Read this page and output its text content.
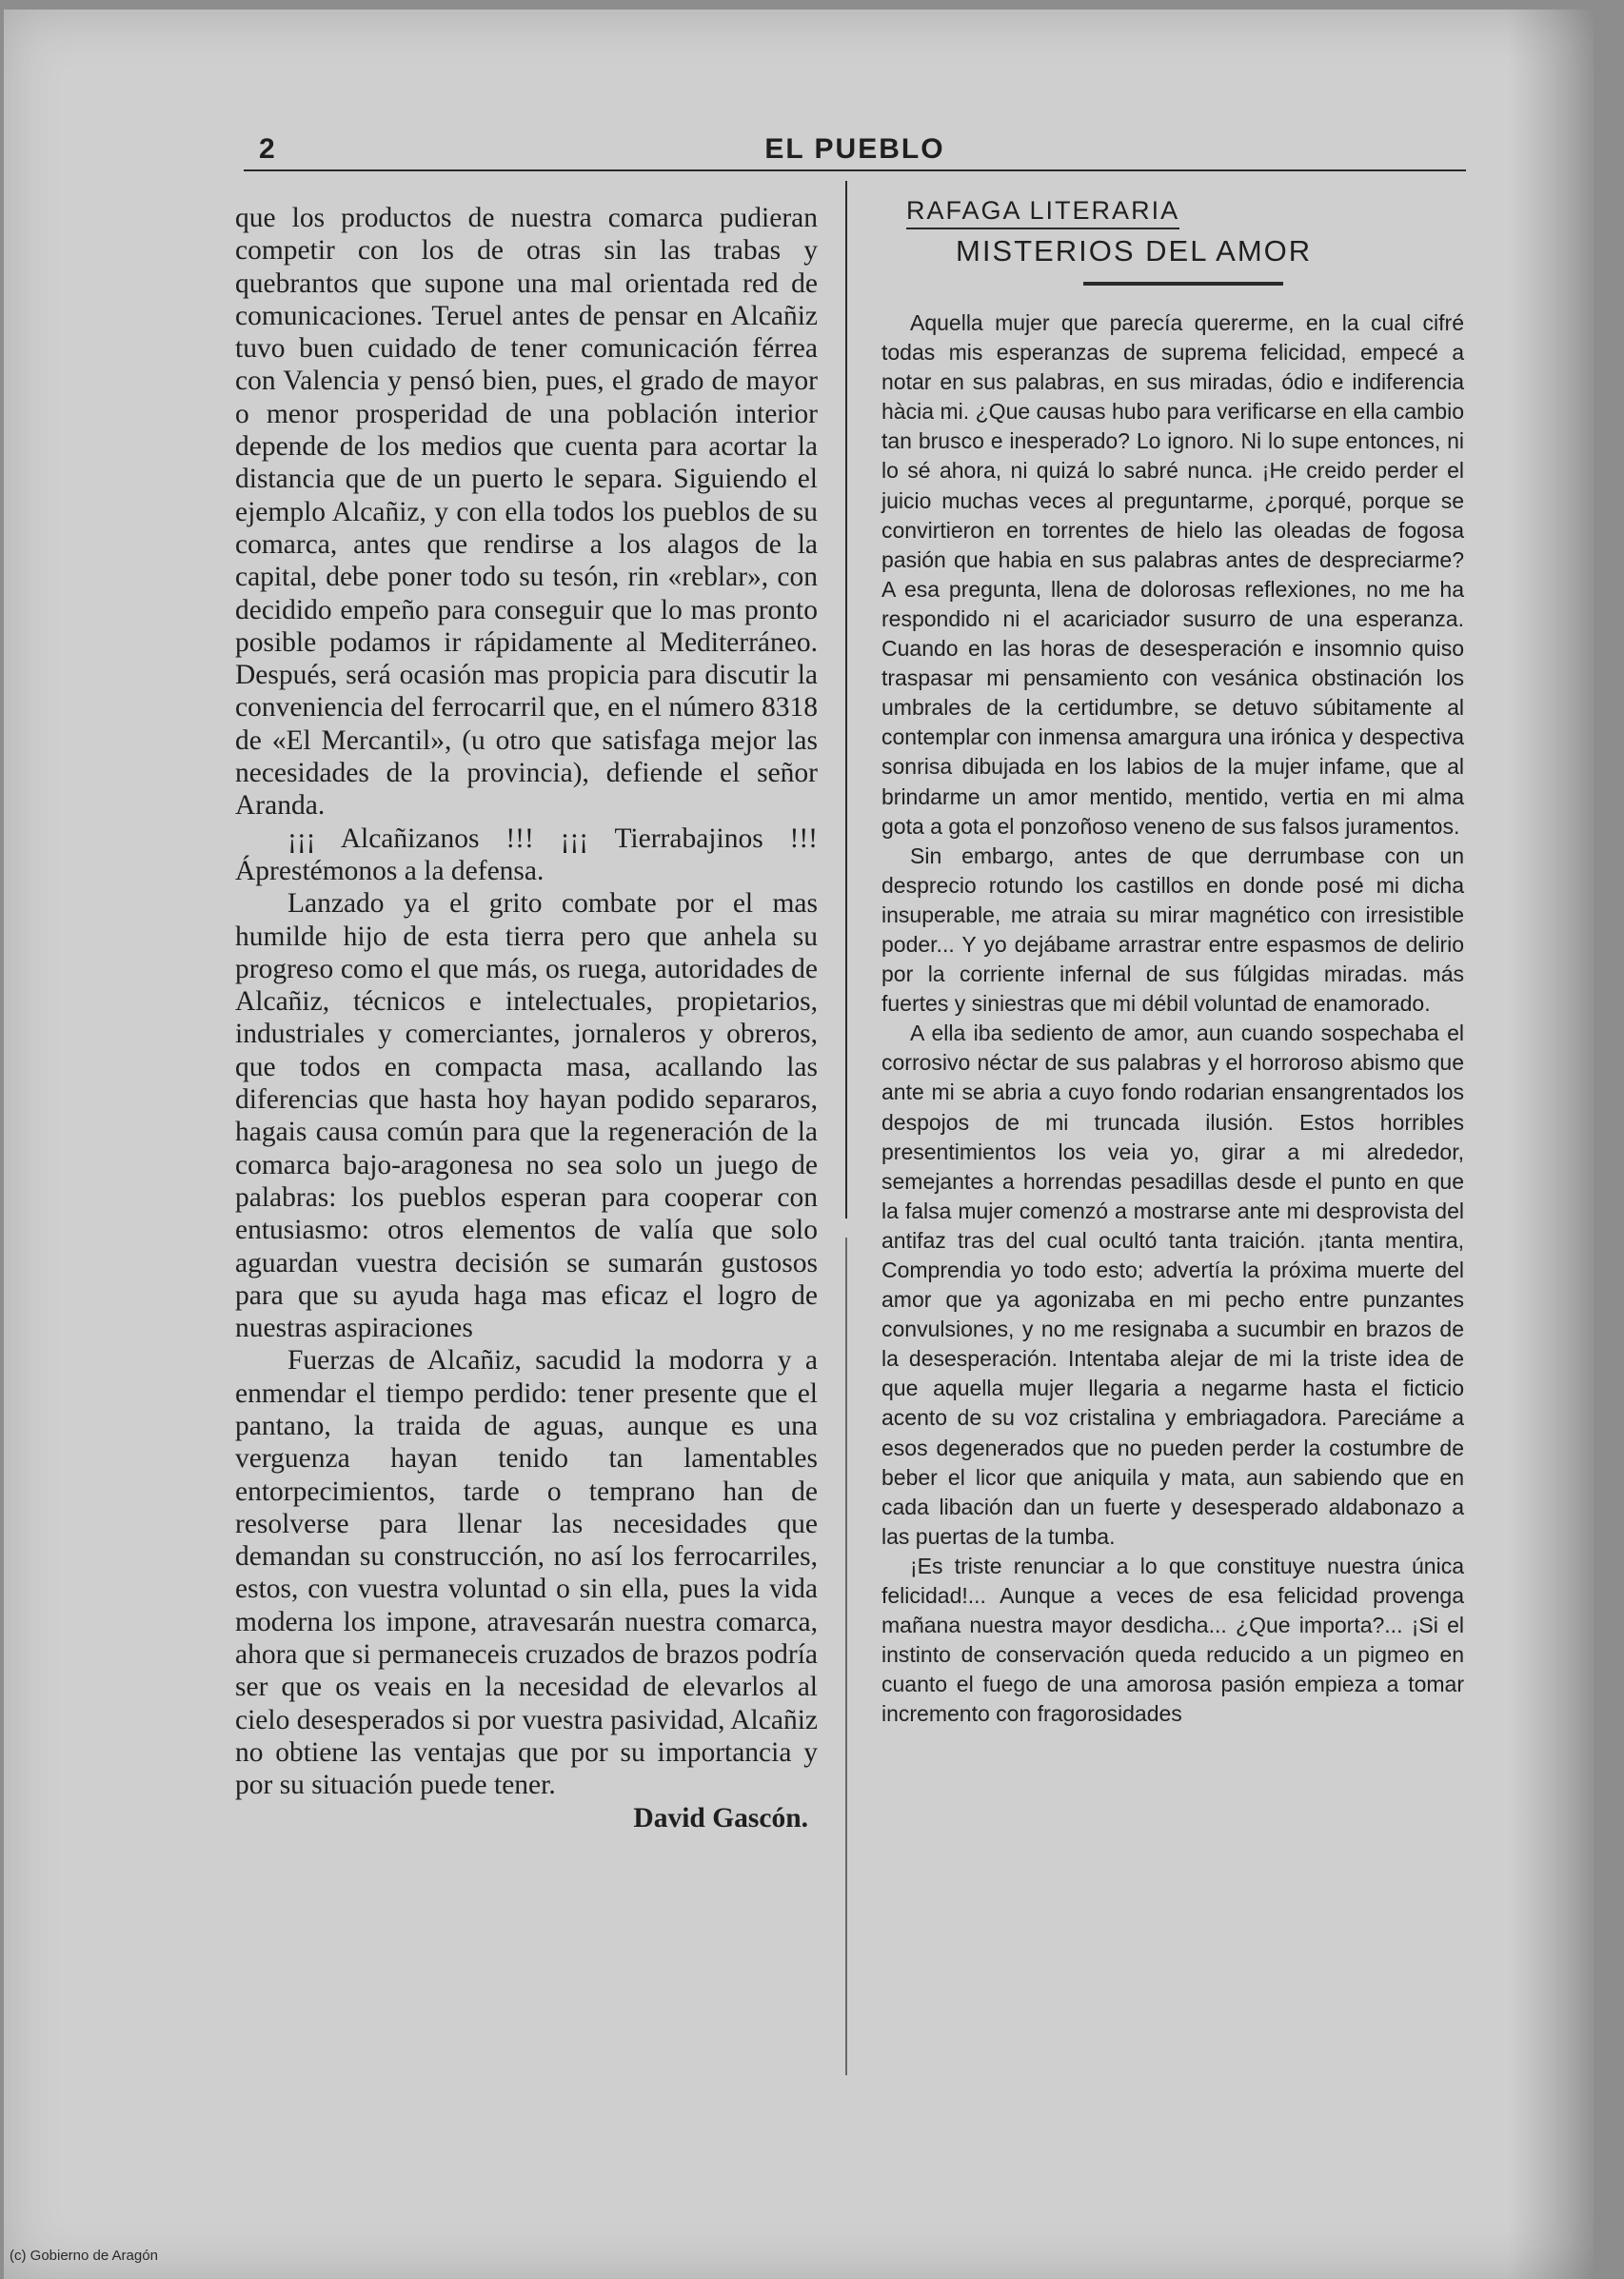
2	EL PUEBLO

que los productos de nuestra comarca pudieran competir con los de otras sin las trabas y quebrantos que supone una mal orientada red de comunicaciones. Teruel antes de pensar en Alcañiz tuvo buen cuidado de tener comunicación férrea con Valencia y pensó bien, pues, el grado de mayor o menor prosperidad de una población interior depende de los medios que cuenta para acortar la distancia que de un puerto le separa. Siguiendo el ejemplo Alcañiz, y con ella todos los pueblos de su comarca, antes que rendirse a los alagos de la capital, debe poner todo su tesón, rin «reblar», con decidido empeño para conseguir que lo mas pronto posible podamos ir rápidamente al Mediterráneo. Después, será ocasión mas propicia para discutir la conveniencia del ferrocarril que, en el número 8318 de «El Mercantil», (u otro que satisfaga mejor las necesidades de la provincia), defiende el señor Aranda.

¡¡¡ Alcañizanos !!! ¡¡¡ Tierrabajinos !!! Áprestémonos a la defensa.

Lanzado ya el grito combate por el mas humilde hijo de esta tierra pero que anhela su progreso como el que más, os ruega, autoridades de Alcañiz, técnicos e intelectuales, propietarios, industriales y comerciantes, jornaleros y obreros, que todos en compacta masa, acallando las diferencias que hasta hoy hayan podido separaros, hagais causa común para que la regeneración de la comarca bajo-aragonesa no sea solo un juego de palabras: los pueblos esperan para cooperar con entusiasmo: otros elementos de valía que solo aguardan vuestra decisión se sumarán gustosos para que su ayuda haga mas eficaz el logro de nuestras aspiraciones

Fuerzas de Alcañiz, sacudid la modorra y a enmendar el tiempo perdido: tener presente que el pantano, la traida de aguas, aunque es una verguenza hayan tenido tan lamentables entorpecimientos, tarde o temprano han de resolverse para llenar las necesidades que demandan su construcción, no así los ferrocarriles, estos, con vuestra voluntad o sin ella, pues la vida moderna los impone, atravesarán nuestra comarca, ahora que si permaneceis cruzados de brazos podría ser que os veais en la necesidad de elevarlos al cielo desesperados si por vuestra pasividad, Alcañiz no obtiene las ventajas que por su importancia y por su situación puede tener.

David Gascón.
RAFAGA LITERARIA
MISTERIOS DEL AMOR

Aquella mujer que parecía quererme, en la cual cifré todas mis esperanzas de suprema felicidad, empecé a notar en sus palabras, en sus miradas, ódio e indiferencia hàcia mi. ¿Que causas hubo para verificarse en ella cambio tan brusco e inesperado? Lo ignoro. Ni lo supe entonces, ni lo sé ahora, ni quizá lo sabré nunca. ¡He creido perder el juicio muchas veces al preguntarme, ¿porqué, porque se convirtieron en torrentes de hielo las oleadas de fogosa pasión que habia en sus palabras antes de despreciarme? A esa pregunta, llena de dolorosas reflexiones, no me ha respondido ni el acariciador susurro de una esperanza. Cuando en las horas de desesperación e insomnio quiso traspasar mi pensamiento con vesánica obstinación los umbrales de la certidumbre, se detuvo súbitamente al contemplar con inmensa amargura una irónica y despectiva sonrisa dibujada en los labios de la mujer infame, que al brindarme un amor mentido, mentido, vertia en mi alma gota a gota el ponzoñoso veneno de sus falsos juramentos.

Sin embargo, antes de que derrumbase con un desprecio rotundo los castillos en donde posé mi dicha insuperable, me atraia su mirar magnético con irresistible poder... Y yo dejábame arrastrar entre espasmos de delirio por la corriente infernal de sus fúlgidas miradas. más fuertes y siniestras que mi débil voluntad de enamorado.

A ella iba sediento de amor, aun cuando sospechaba el corrosivo néctar de sus palabras y el horroroso abismo que ante mi se abria a cuyo fondo rodarian ensangrentados los despojos de mi truncada ilusión. Estos horribles presentimientos los veia yo, girar a mi alrededor, semejantes a horrendas pesadillas desde el punto en que la falsa mujer comenzó a mostrarse ante mi desprovista del antifaz tras del cual ocultó tanta traición. ¡tanta mentira, Comprendia yo todo esto; advertía la próxima muerte del amor que ya agonizaba en mi pecho entre punzantes convulsiones, y no me resignaba a sucumbir en brazos de la desesperación. Intentaba alejar de mi la triste idea de que aquella mujer llegaria a negarme hasta el ficticio acento de su voz cristalina y embriagadora. Pareciáme a esos degenerados que no pueden perder la costumbre de beber el licor que aniquila y mata, aun sabiendo que en cada libación dan un fuerte y desesperado aldabonazo a las puertas de la tumba.

¡Es triste renunciar a lo que constituye nuestra única felicidad!... Aunque a veces de esa felicidad provenga mañana nuestra mayor desdicha... ¿Que importa?... ¡Si el instinto de conservación queda reducido a un pigmeo en cuanto el fuego de una amorosa pasión empieza a tomar incremento con fragorosidades

(c) Gobierno de Aragón
